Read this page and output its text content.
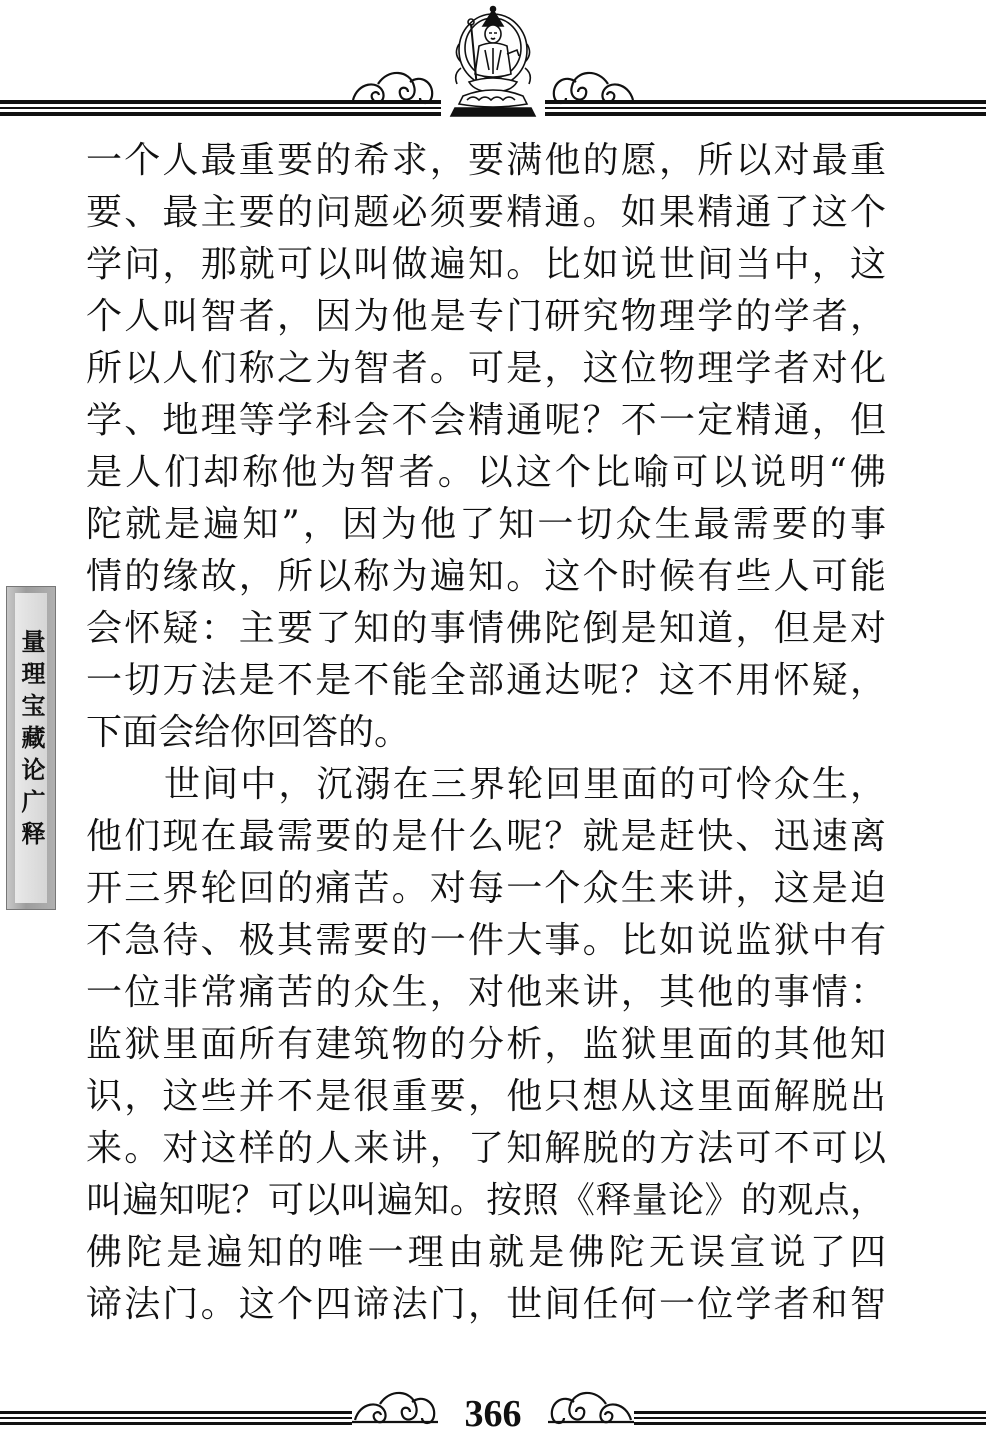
量理宝藏论广释
一个人最重要的希求，要满他的愿，所以对最重
要、最主要的问题必须要精通。如果精通了这个
学问，那就可以叫做遍知。比如说世间当中，这
个人叫智者，因为他是专门研究物理学的学者，
所以人们称之为智者。可是，这位物理学者对化
学、地理等学科会不会精通呢？不一定精通，但
是人们却称他为智者。以这个比喻可以说明“佛
陀就是遍知”，因为他了知一切众生最需要的事
情的缘故，所以称为遍知。这个时候有些人可能
会怀疑：主要了知的事情佛陀倒是知道，但是对
一切万法是不是不能全部通达呢？这不用怀疑，
下面会给你回答的。
世间中，沉溺在三界轮回里面的可怜众生，
他们现在最需要的是什么呢？就是赶快、迅速离
开三界轮回的痛苦。对每一个众生来讲，这是迫
不急待、极其需要的一件大事。比如说监狱中有
一位非常痛苦的众生，对他来讲，其他的事情：
监狱里面所有建筑物的分析，监狱里面的其他知
识，这些并不是很重要，他只想从这里面解脱出
来。对这样的人来讲，了知解脱的方法可不可以
叫遍知呢？可以叫遍知。按照《释量论》的观点，
佛陀是遍知的唯一理由就是佛陀无误宣说了四
谛法门。这个四谛法门，世间任何一位学者和智
366
